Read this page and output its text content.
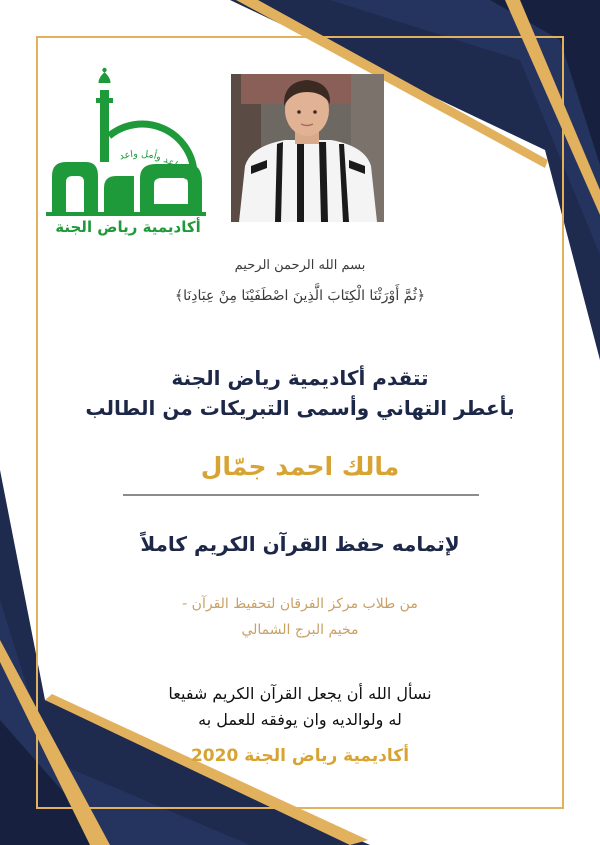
جيل صاعد وأمل واعد
أكاديمية رياض الجنة
بسم الله الرحمن الرحيم
﴿ثُمَّ أَوْرَثْنَا الْكِتَابَ الَّذِينَ اصْطَفَيْنَا مِنْ عِبَادِنَا﴾
تتقدم أكاديمية رياض الجنة
بأعطر التهاني وأسمى التبريكات من الطالب
مالك احمد جمّال
لإتمامه حفظ القرآن الكريم كاملاً
من طلاب مركز الفرقان لتحفيظ القرآن -
مخيم البرج الشمالي
نسأل الله أن يجعل القرآن الكريم شفيعا
له ولوالديه وان يوفقه للعمل به
أكاديمية رياض الجنة 2020
